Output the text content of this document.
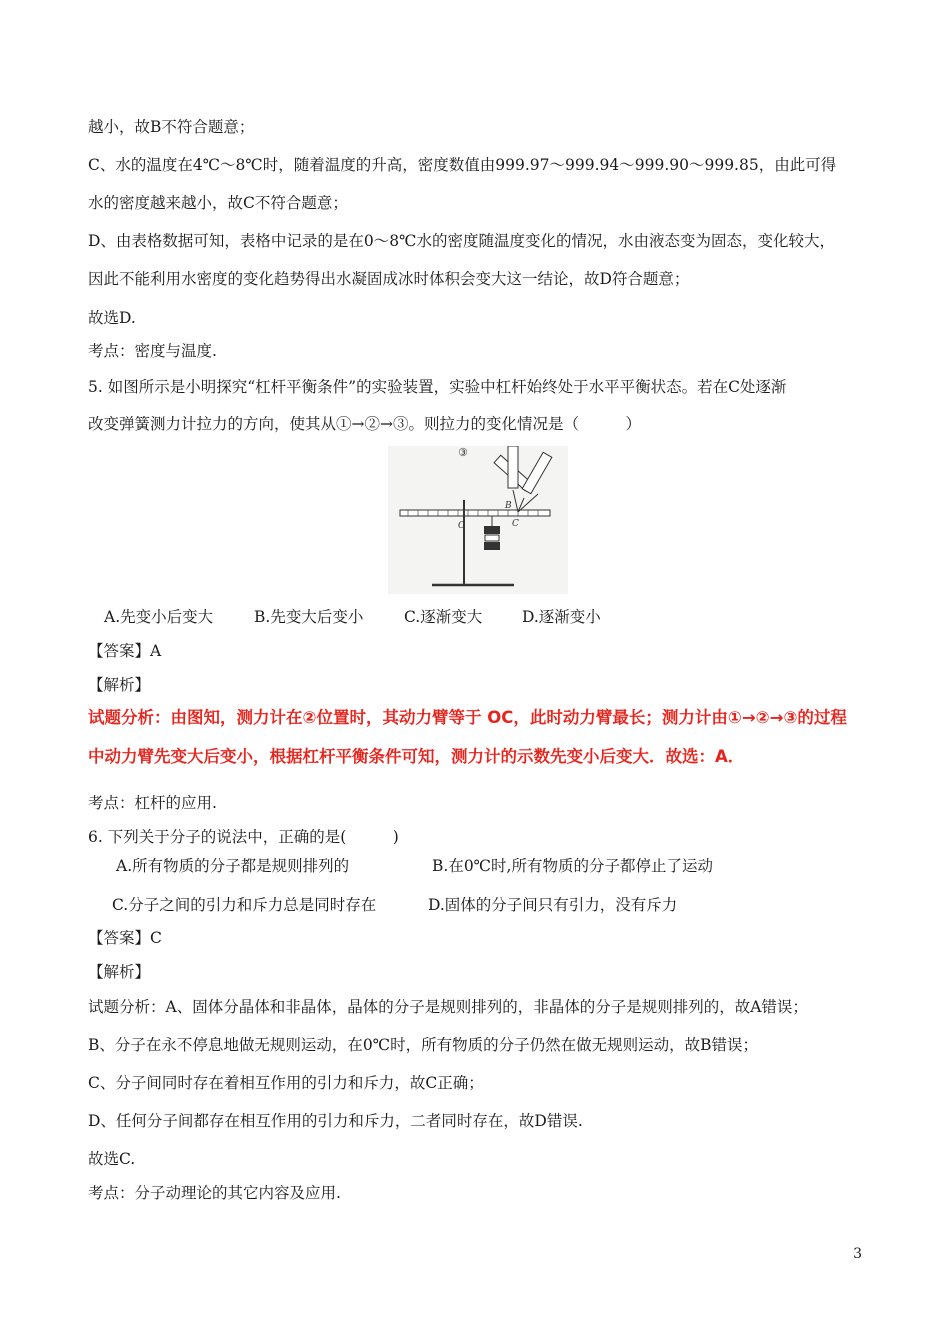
越小，故B不符合题意；
C、水的温度在4℃～8℃时，随着温度的升高，密度数值由999.97～999.94～999.90～999.85，由此可得
水的密度越来越小，故C不符合题意；
D、由表格数据可知，表格中记录的是在0～8℃水的密度随温度变化的情况，水由液态变为固态，变化较大，
因此不能利用水密度的变化趋势得出水凝固成冰时体积会变大这一结论，故D符合题意；
故选D.
考点：密度与温度.
5. 如图所示是小明探究“杠杆平衡条件”的实验装置，实验中杠杆始终处于水平平衡状态。若在C处逐渐
改变弹簧测力计拉力的方向，使其从①→②→③。则拉力的变化情况是（　　　）
③
O
B
C
A.先变小后变大	B.先变大后变小	C.逐渐变大	D.逐渐变小
【答案】A
【解析】
试题分析：由图知，测力计在②位置时，其动力臂等于 OC，此时动力臂最长；测力计由①→②→③的过程
中动力臂先变大后变小，根据杠杆平衡条件可知，测力计的示数先变小后变大．故选：A．
考点：杠杆的应用.
6. 下列关于分子的说法中，正确的是(　　　)
A.所有物质的分子都是规则排列的	B.在0℃时,所有物质的分子都停止了运动
C.分子之间的引力和斥力总是同时存在	D.固体的分子间只有引力，没有斥力
【答案】C
【解析】
试题分析：A、固体分晶体和非晶体，晶体的分子是规则排列的，非晶体的分子是规则排列的，故A错误；
B、分子在永不停息地做无规则运动，在0℃时，所有物质的分子仍然在做无规则运动，故B错误；
C、分子间同时存在着相互作用的引力和斥力，故C正确；
D、任何分子间都存在相互作用的引力和斥力，二者同时存在，故D错误.
故选C.
考点：分子动理论的其它内容及应用.
3
